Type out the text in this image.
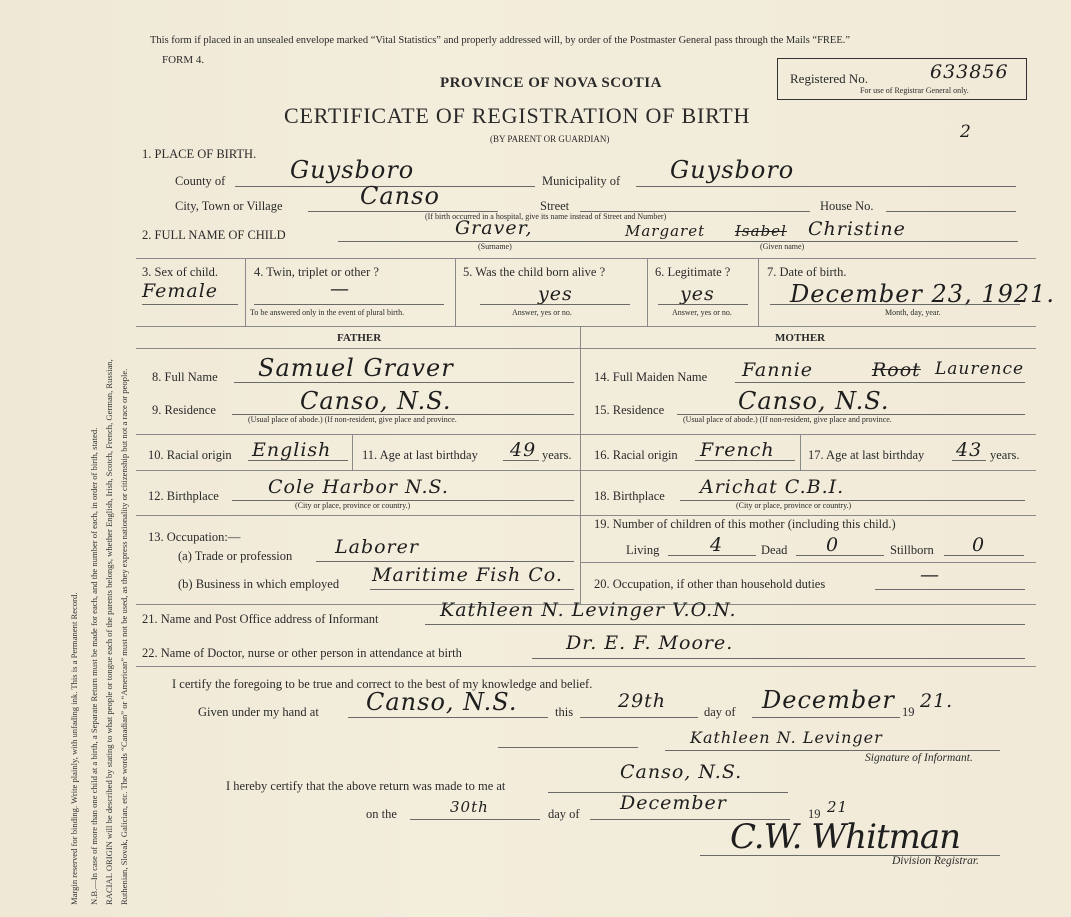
Margin reserved for binding. Write plainly, with unfading ink. This is a Permanent Record. N.B.—In case of more than one child at a birth, a Separate Return must be made for each, and the number of each, in order of birth, stated. RACIAL ORIGIN will be described by stating to what people or tongue each of the parents belongs, whether English, Irish, Scotch, French, German, Russian, Ruthenian, Slovak, Galician, etc. The words “Canadian” or “American” must not be used, as they express nationality or citizenship but not a race or people.
This form if placed in an unsealed envelope marked “Vital Statistics” and properly addressed will, by order of the Postmaster General pass through the Mails “FREE.”
FORM 4.
PROVINCE OF NOVA SCOTIA
CERTIFICATE OF REGISTRATION OF BIRTH
(BY PARENT OR GUARDIAN)
Registered No.	633856
For use of Registrar General only.
2
1. PLACE OF BIRTH.
County of	Guysboro	Municipality of Guysboro
City, Town or Village	Canso	Street	House No.
(If birth occurred in a hospital, give its name instead of Street and Number)
2. FULL NAME OF CHILD	Graver,	Margaret Isabel Christine
(Surname)	(Given name)
3. Sex of child.
Female
4. Twin, triplet or other ?
—
To be answered only in the event of plural birth.
5. Was the child born alive ?
yes
Answer, yes or no.
6. Legitimate ?
yes
Answer, yes or no.
7. Date of birth.
December 23, 1921.
Month, day, year.
FATHER	MOTHER
8. Full Name Samuel Graver
9. Residence	Canso, N.S.
(Usual place of abode.) (If non-resident, give place and province.
10. Racial origin English 11. Age at last birthday 49 years.
12. Birthplace	Cole Harbor N.S.
(City or place, province or country.)
13. Occupation:—
(a) Trade or profession Laborer
(b) Business in which employed Maritime Fish Co.
14. Full Maiden Name Fannie	Root Laurence
15. Residence	Canso, N.S.
(Usual place of abode.) (If non-resident, give place and province.
16. Racial origin French	17. Age at last birthday 43 years.
18. Birthplace Arichat C.B.I.
(City or place, province or country.)
19. Number of children of this mother (including this child.)
Living	4	Dead 0	Stillborn 0
20. Occupation, if other than household duties	—
21. Name and Post Office address of Informant	Kathleen N. Levinger V.O.N.
22. Name of Doctor, nurse or other person in attendance at birth	Dr. E. F. Moore.
I certify the foregoing to be true and correct to the best of my knowledge and belief.
Given under my hand at Canso, N.S.	this 29th	day of December 19 21.
Kathleen N. Levinger
Signature of Informant.
I hereby certify that the above return was made to me at
Canso, N.S.
on the	30th	day of December	19 21
C.W. Whitman
Division Registrar.
